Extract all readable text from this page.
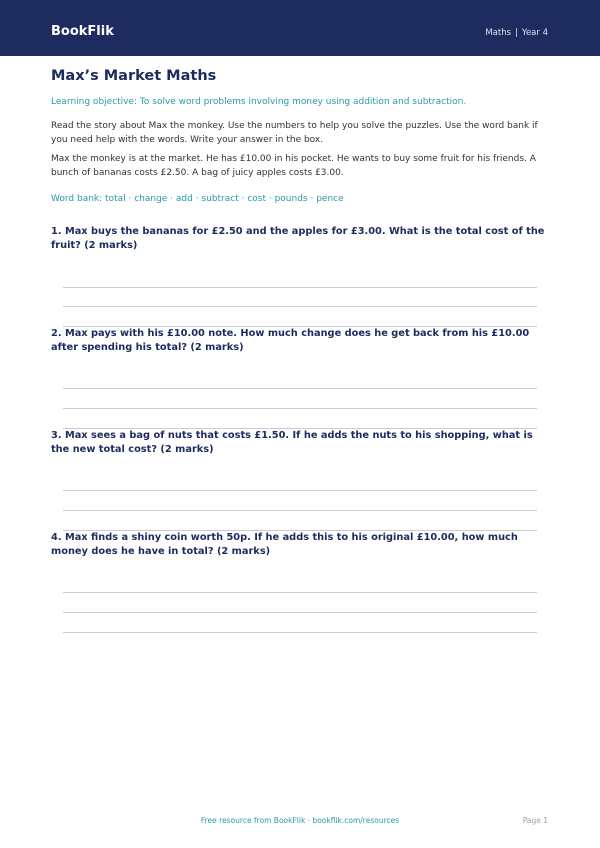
BookFlik	Maths | Year 4
Max’s Market Maths
Learning objective: To solve word problems involving money using addition and subtraction.
Read the story about Max the monkey. Use the numbers to help you solve the puzzles. Use the word bank if you need help with the words. Write your answer in the box.
Max the monkey is at the market. He has £10.00 in his pocket. He wants to buy some fruit for his friends. A bunch of bananas costs £2.50. A bag of juicy apples costs £3.00.
Word bank: total · change · add · subtract · cost · pounds · pence
1. Max buys the bananas for £2.50 and the apples for £3.00. What is the total cost of the fruit? (2 marks)
2. Max pays with his £10.00 note. How much change does he get back from his £10.00 after spending his total? (2 marks)
3. Max sees a bag of nuts that costs £1.50. If he adds the nuts to his shopping, what is the new total cost? (2 marks)
4. Max finds a shiny coin worth 50p. If he adds this to his original £10.00, how much money does he have in total? (2 marks)
Free resource from BookFlik · bookflik.com/resources	Page 1
